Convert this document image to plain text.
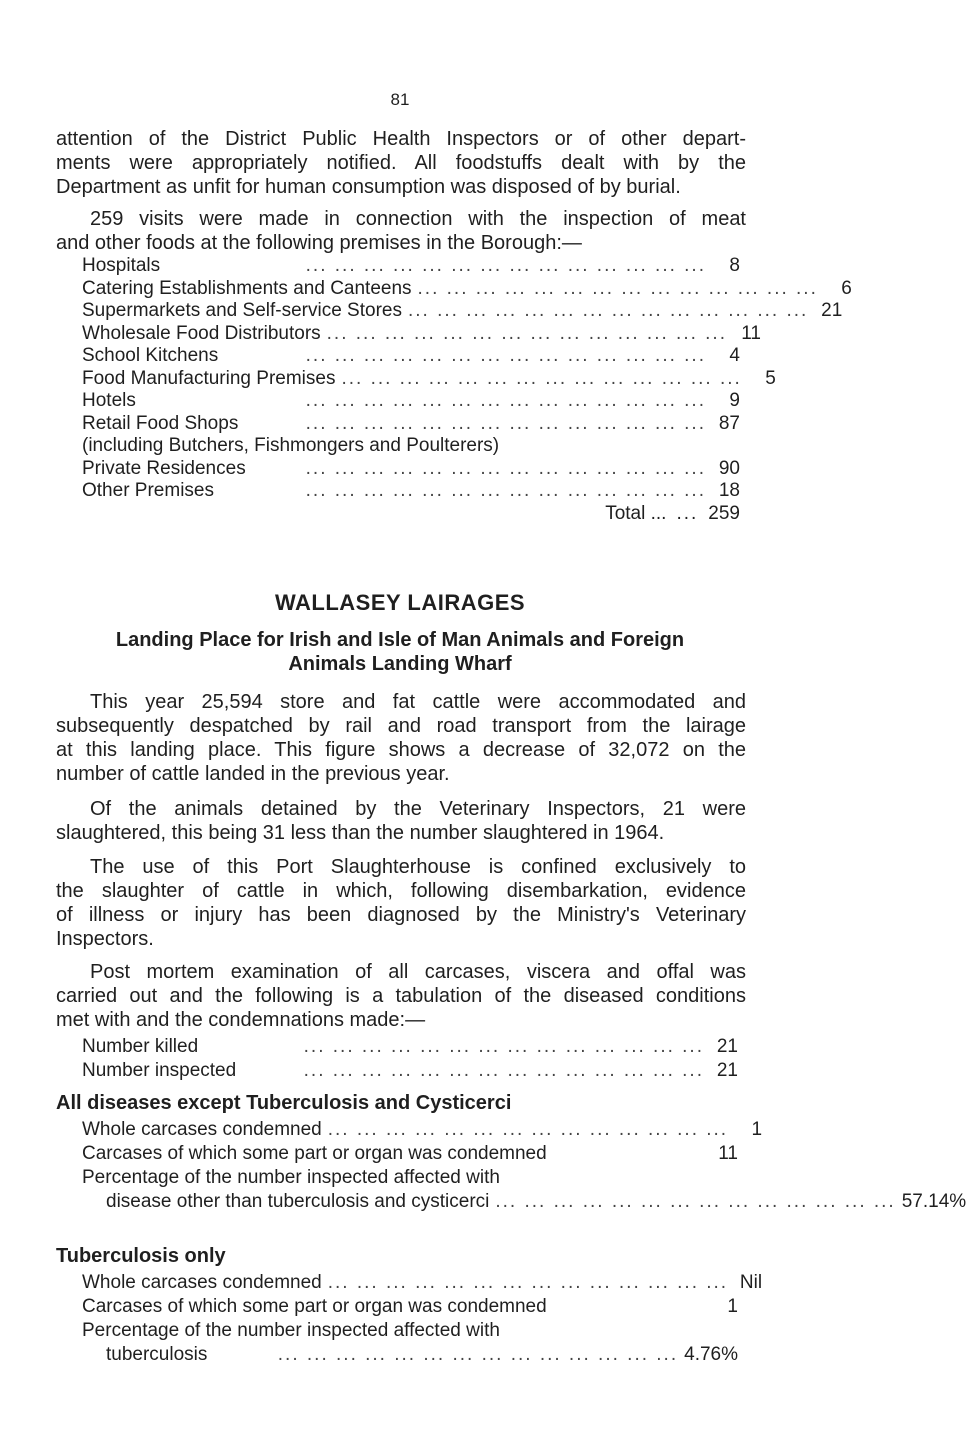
81

attention of the District Public Health Inspectors or of other depart-

ments were appropriately notified. All foodstuffs dealt with by the

Department as unfit for human consumption was disposed of by burial.

259 visits were made in connection with the inspection of meat

and other foods at the following premises in the Borough:—

Hospitals	... ... ... ... ... ... ... ... ... ... ... ... ... ...	8
Catering Establishments and Canteens ... ... ... ... ... ... ... ... ... ... ... ... ... ...	6
Supermarkets and Self-service Stores ... ... ... ... ... ... ... ... ... ... ... ... ... ... 21
Wholesale Food Distributors ... ... ... ... ... ... ... ... ... ... ... ... ... ... 11
School Kitchens	... ... ... ... ... ... ... ... ... ... ... ... ... ...	4
Food Manufacturing Premises ... ... ... ... ... ... ... ... ... ... ... ... ... ...	5
Hotels	... ... ... ... ... ... ... ... ... ... ... ... ... ...	9
Retail Food Shops	... ... ... ... ... ... ... ... ... ... ... ... ... ... 87
(including Butchers, Fishmongers and Poulterers)
Private Residences	... ... ... ... ... ... ... ... ... ... ... ... ... ... 90
Other Premises	... ... ... ... ... ... ... ... ... ... ... ... ... ... 18
Total ... ... 259
WALLASEY LAIRAGES
Landing Place for Irish and Isle of Man Animals and Foreign
Animals Landing Wharf

This year 25,594 store and fat cattle were accommodated and

subsequently despatched by rail and road transport from the lairage

at this landing place. This figure shows a decrease of 32,072 on the

number of cattle landed in the previous year.

Of the animals detained by the Veterinary Inspectors, 21 were

slaughtered, this being 31 less than the number slaughtered in 1964.

The use of this Port Slaughterhouse is confined exclusively to

the slaughter of cattle in which, following disembarkation, evidence

of illness or injury has been diagnosed by the Ministry's Veterinary

Inspectors.

Post mortem examination of all carcases, viscera and offal was

carried out and the following is a tabulation of the diseased conditions

met with and the condemnations made:—

Number killed	... ... ... ... ... ... ... ... ... ... ... ... ... ... 21
Number inspected	... ... ... ... ... ... ... ... ... ... ... ... ... ... 21
All diseases except Tuberculosis and Cysticerci
Whole carcases condemned ... ... ... ... ... ... ... ... ... ... ... ... ... ...	1
Carcases of which some part or organ was condemned	11
Percentage of the number inspected affected with
disease other than tuberculosis and cysticerci ... ... ... ... ... ... ... ... ... ... ... ... ... ... 57.14%
Tuberculosis only
Whole carcases condemned ... ... ... ... ... ... ... ... ... ... ... ... ... ... Nil
Carcases of which some part or organ was condemned	1
Percentage of the number inspected affected with
tuberculosis	... ... ... ... ... ... ... ... ... ... ... ... ... ... 4.76%
